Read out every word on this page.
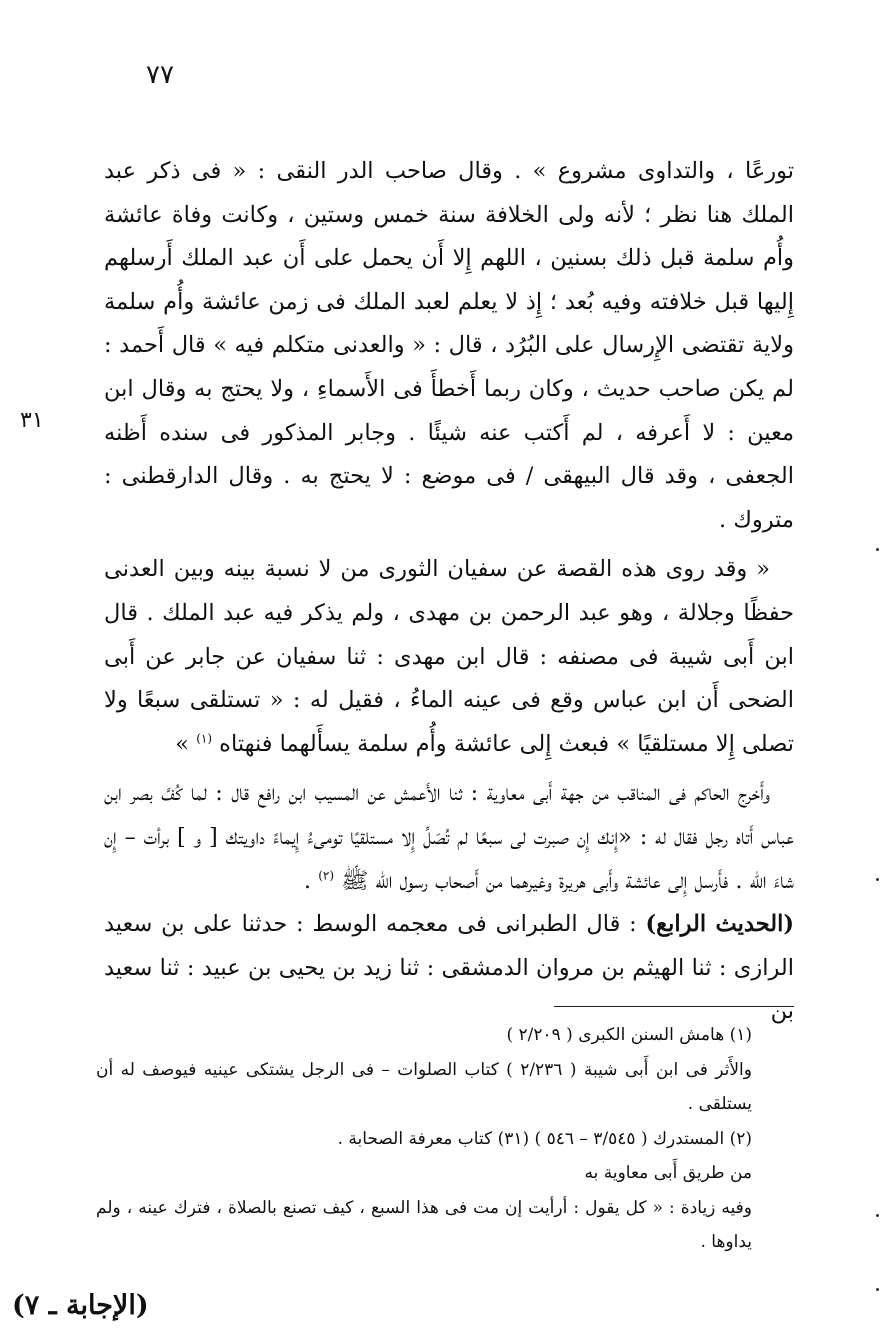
٧٧
٣١

تورعًا ، والتداوى مشروع » . وقال صاحب الدر النقى : « فى ذكر عبد الملك هنا نظر ؛ لأنه ولى الخلافة سنة خمس وستين ، وكانت وفاة عائشة وأُم سلمة قبل ذلك بسنين ، اللهم إِلا أَن يحمل على أَن عبد الملك أَرسلهم إِليها قبل خلافته وفيه بُعد ؛ إِذ لا يعلم لعبد الملك فى زمن عائشة وأُم سلمة ولاية تقتضى الإِرسال على البُرُد ، قال : « والعدنى متكلم فيه » قال أَحمد : لم يكن صاحب حديث ، وكان ربما أَخطأَ فى الأَسماءِ ، ولا يحتج به وقال ابن معين : لا أَعرفه ، لم أَكتب عنه شيئًا . وجابر المذكور فى سنده أَظنه الجعفى ، وقد قال البيهقى / فى موضع : لا يحتج به . وقال الدارقطنى : متروك .

« وقد روى هذه القصة عن سفيان الثورى من لا نسبة بينه وبين العدنى حفظًا وجلالة ، وهو عبد الرحمن بن مهدى ، ولم يذكر فيه عبد الملك . قال ابن أَبى شيبة فى مصنفه : قال ابن مهدى : ثنا سفيان عن جابر عن أَبى الضحى أَن ابن عباس وقع فى عينه الماءُ ، فقيل له : « تستلقى سبعًا ولا تصلى إِلا مستلقيًا » فبعث إِلى عائشة وأُم سلمة يسأَلهما فنهتاه $^{(١)}$ »

وأَخرج الحاكم فى المناقب من جهة أَبى معاوية : ثنا الأَعمش عن المسيب ابن رافع قال : لما كُفَّ بصر ابن عباس أَتاه رجل فقال له : «إِنك إِن صبرت لى سبعًا لم تُصَلِّ إِلا مستلقيًا تومىءُ إِيماءً داويتك [ و ] برأت – إِن شاءَ الله . فأَرسل إِلى عائشة وأَبى هريرة وغيرهما من أَصحاب رسول الله ﷺ $^{(٢)}$ .

(الحديث الرابع) : قال الطبرانى فى معجمه الوسط : حدثنا على بن سعيد الرازى : ثنا الهيثم بن مروان الدمشقى : ثنا زيد بن يحيى بن عبيد : ثنا سعيد بن

(١) هامش السنن الكبرى ( ٢/٢٠٩ )

والأَثر فى ابن أَبى شيبة ( ٢/٢٣٦ ) كتاب الصلوات – فى الرجل يشتكى عينيه فيوصف له أن يستلقى .

(٢) المستدرك ( ٣/٥٤٥ – ٥٤٦ ) (٣١) كتاب معرفة الصحابة .

من طريق أَبى معاوية به

وفيه زيادة : « كل يقول : أرأيت إن مت فى هذا السبع ، كيف تصنع بالصلاة ، فترك عينه ، ولم يداوها .

(الإجابة ـ ٧)
